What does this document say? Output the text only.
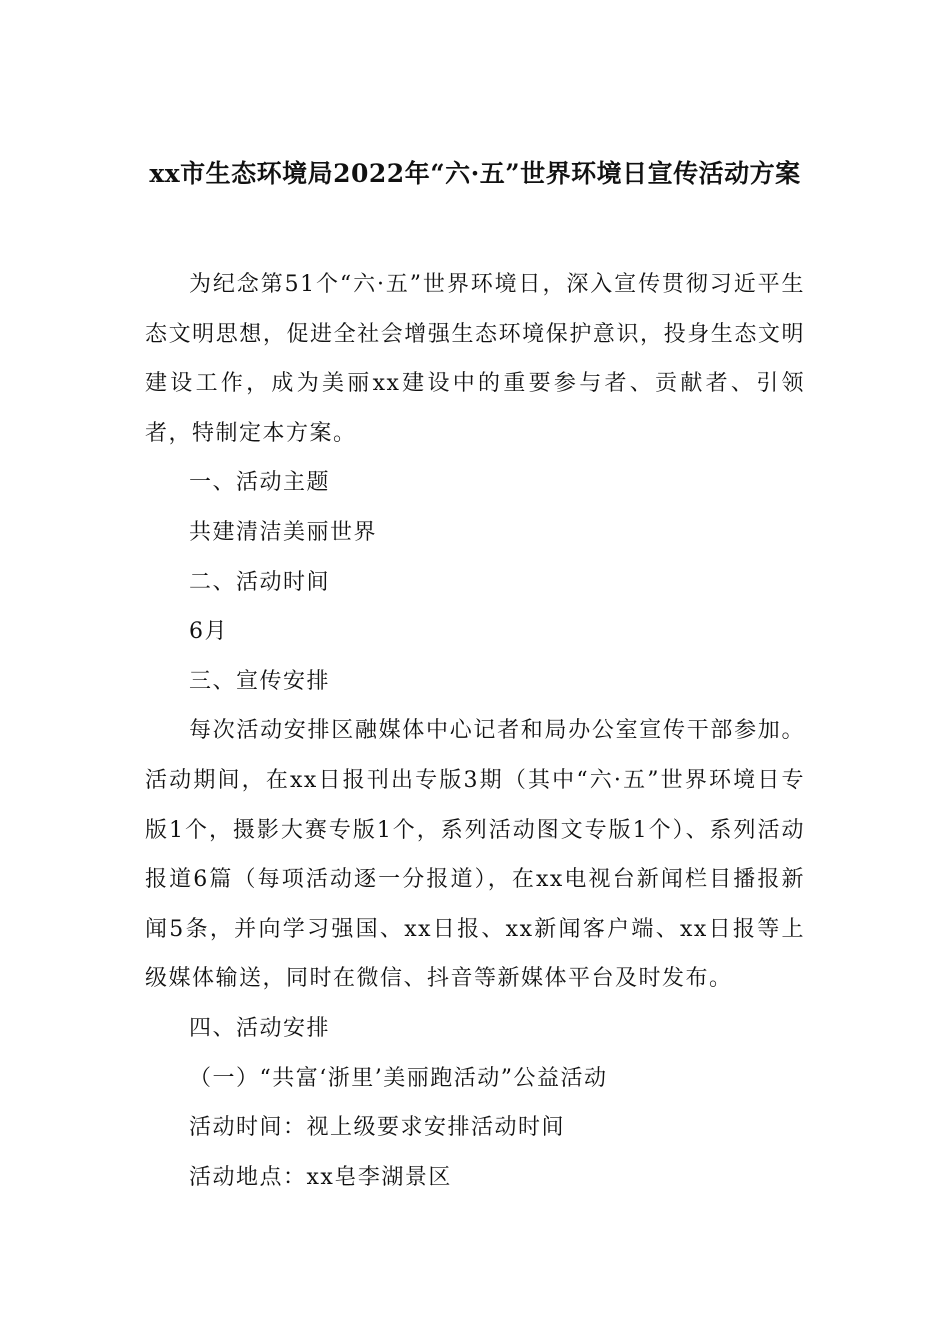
xx市生态环境局2022年“六·五”世界环境日宣传活动方案

为纪念第51个“六·五”世界环境日，深入宣传贯彻习近平生态文明思想，促进全社会增强生态环境保护意识，投身生态文明建设工作，成为美丽xx建设中的重要参与者、贡献者、引领者，特制定本方案。

一、活动主题

共建清洁美丽世界

二、活动时间

6月

三、宣传安排

每次活动安排区融媒体中心记者和局办公室宣传干部参加。活动期间，在xx日报刊出专版3期（其中“六·五”世界环境日专版1个，摄影大赛专版1个，系列活动图文专版1个）、系列活动报道6篇（每项活动逐一分报道），在xx电视台新闻栏目播报新闻5条，并向学习强国、xx日报、xx新闻客户端、xx日报等上级媒体输送，同时在微信、抖音等新媒体平台及时发布。

四、活动安排

（一）“共富‘浙里’美丽跑活动”公益活动

活动时间：视上级要求安排活动时间

活动地点：xx皂李湖景区
